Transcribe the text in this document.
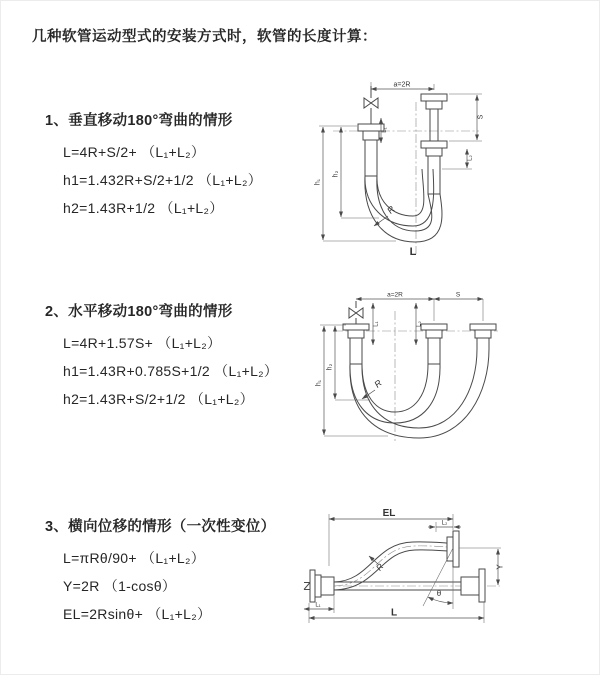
几种软管运动型式的安装方式时，软管的长度计算：
1、垂直移动180°弯曲的情形
L=4R+S/2+ （L₁+L₂）
h1=1.432R+S/2+1/2 （L₁+L₂）
h2=1.43R+1/2 （L₁+L₂）
2、水平移动180°弯曲的情形
L=4R+1.57S+ （L₁+L₂）
h1=1.43R+0.785S+1/2 （L₁+L₂）
h2=1.43R+S/2+1/2 （L₁+L₂）
3、横向位移的情形（一次性变位）
L=πRθ/90+ （L₁+L₂）
Y=2R （1-cosθ）
EL=2Rsinθ+ （L₁+L₂）
a=2R
h₁
h₂
L₁
S
L₂
R
L
a=2R	S
L₁	L₂
h₁
h₂
R
EL
L₂
Y
θ
R
L₁
L
